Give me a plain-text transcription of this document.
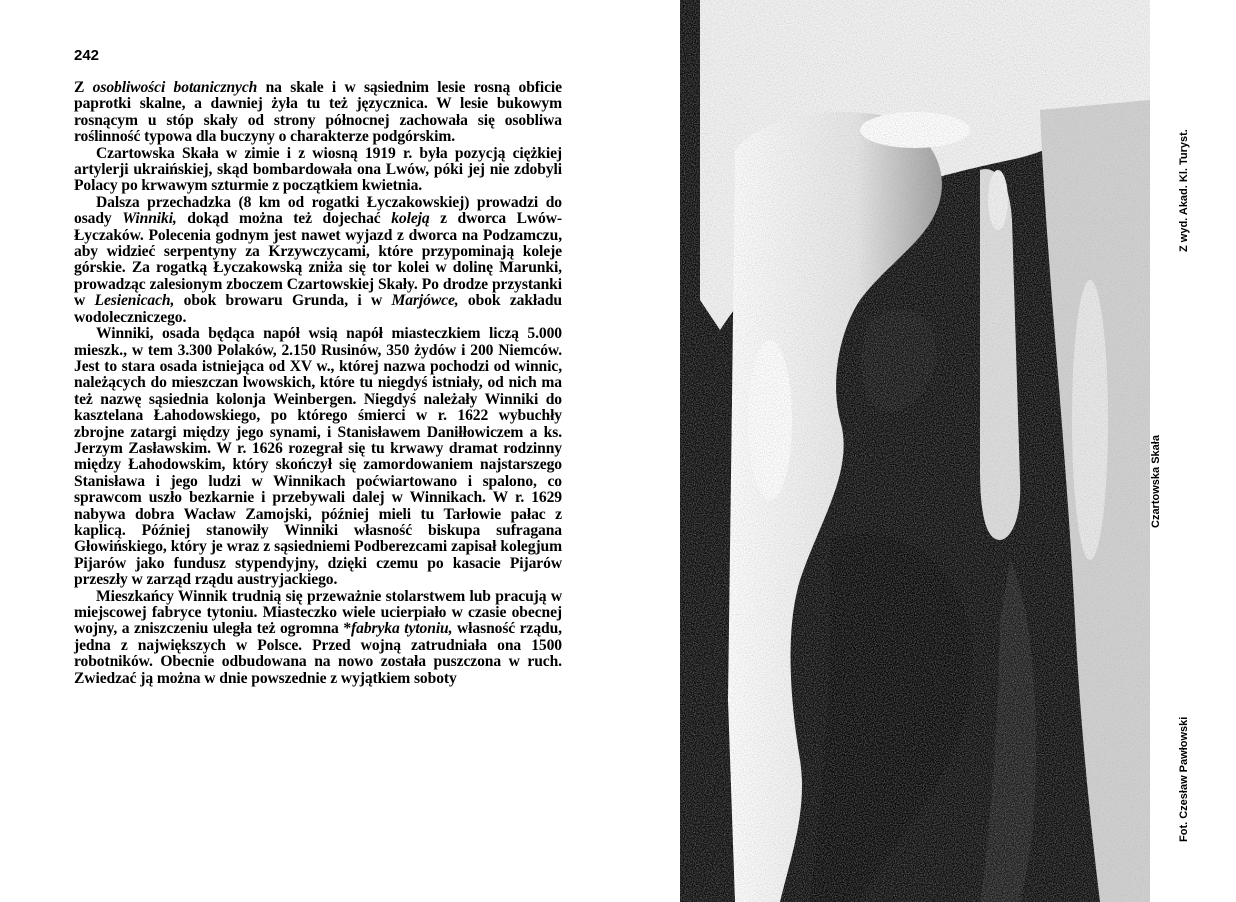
242

Z osobliwości botanicznych na skale i w sąsiednim lesie rosną obficie paprotki skalne, a dawniej żyła tu też języcznica. W lesie bukowym rosnącym u stóp skały od strony północnej zachowała się osobliwa roślinność typowa dla buczyny o charakterze podgórskim.

Czartowska Skała w zimie i z wiosną 1919 r. była pozycją ciężkiej artylerji ukraińskiej, skąd bombardowała ona Lwów, póki jej nie zdobyli Polacy po krwawym szturmie z początkiem kwietnia.

Dalsza przechadzka (8 km od rogatki Łyczakowskiej) prowadzi do osady Winniki, dokąd można też dojechać koleją z dworca Lwów-Łyczaków. Polecenia godnym jest nawet wyjazd z dworca na Podzamczu, aby widzieć serpentyny za Krzywczycami, które przypominają koleje górskie. Za rogatką Łyczakowską zniża się tor kolei w dolinę Marunki, prowadząc zalesionym zboczem Czartowskiej Skały. Po drodze przystanki w Lesienicach, obok browaru Grunda, i w Marjówce, obok zakładu wodoleczniczego.

Winniki, osada będąca napół wsią napół miasteczkiem liczą 5.000 mieszk., w tem 3.300 Polaków, 2.150 Rusinów, 350 żydów i 200 Niemców. Jest to stara osada istniejąca od XV w., której nazwa pochodzi od winnic, należących do mieszczan lwowskich, które tu niegdyś istniały, od nich ma też nazwę sąsiednia kolonja Weinbergen. Niegdyś należały Winniki do kasztelana Łahodowskiego, po którego śmierci w r. 1622 wybuchły zbrojne zatargi między jego synami, i Stanisławem Daniłłowiczem a ks. Jerzym Zasławskim. W r. 1626 rozegrał się tu krwawy dramat rodzinny między Łahodowskim, który skończył się zamordowaniem najstarszego Stanisława i jego ludzi w Winnikach poćwiartowano i spalono, co sprawcom uszło bezkarnie i przebywali dalej w Winnikach. W r. 1629 nabywa dobra Wacław Zamojski, później mieli tu Tarłowie pałac z kaplicą. Później stanowiły Winniki własność biskupa sufragana Głowińskiego, który je wraz z sąsiedniemi Podberezcami zapisał kolegjum Pijarów jako fundusz stypendyjny, dzięki czemu po kasacie Pijarów przeszły w zarząd rządu austryjackiego.

Mieszkańcy Winnik trudnią się przeważnie stolarstwem lub pracują w miejscowej fabryce tytoniu. Miasteczko wiele ucierpiało w czasie obecnej wojny, a zniszczeniu uległa też ogromna *fabryka tytoniu, własność rządu, jedna z największych w Polsce. Przed wojną zatrudniała ona 1500 robotników. Obecnie odbudowana na nowo została puszczona w ruch. Zwiedzać ją można w dnie powszednie z wyjątkiem soboty

Fot. Czesław Pawłowski
Czartowska Skała
Z wyd. Akad. Kl. Turyst.
